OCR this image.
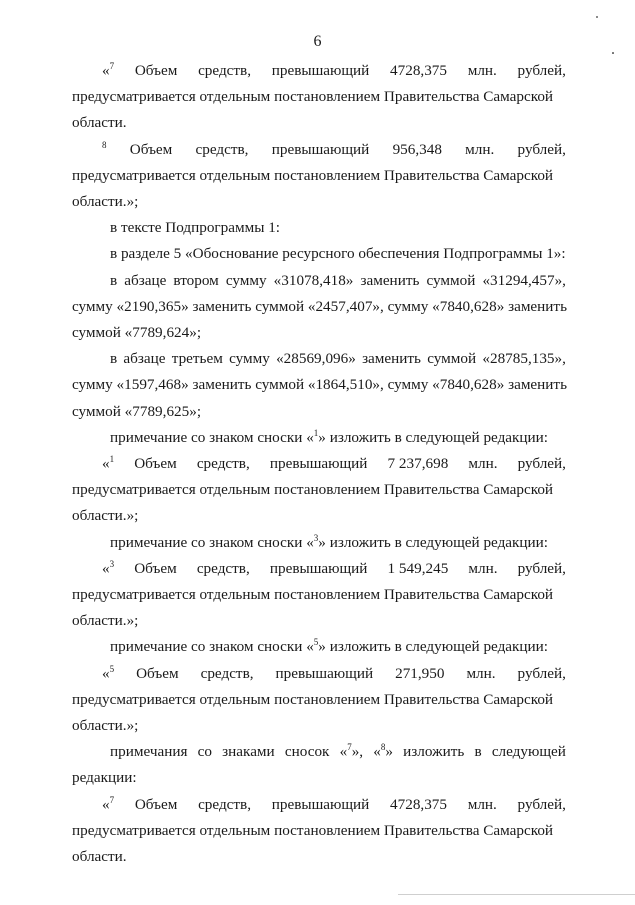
6
«$^7$ Объем средств, превышающий 4728,375 млн. рублей,
предусматривается отдельным постановлением Правительства Самарской
области.
$^8$ Объем средств, превышающий 956,348 млн. рублей,
предусматривается отдельным постановлением Правительства Самарской
области.»;
в тексте Подпрограммы 1:
в разделе 5 «Обоснование ресурсного обеспечения Подпрограммы 1»:
в абзаце втором сумму «31078,418» заменить суммой «31294,457»,
сумму «2190,365» заменить суммой «2457,407», сумму «7840,628» заменить
суммой «7789,624»;
в абзаце третьем сумму «28569,096» заменить суммой «28785,135»,
сумму «1597,468» заменить суммой «1864,510», сумму «7840,628» заменить
суммой «7789,625»;
примечание со знаком сноски «$^1$» изложить в следующей редакции:
«$^1$ Объем средств, превышающий 7 237,698 млн. рублей,
предусматривается отдельным постановлением Правительства Самарской
области.»;
примечание со знаком сноски «$^3$» изложить в следующей редакции:
«$^3$ Объем средств, превышающий 1 549,245 млн. рублей,
предусматривается отдельным постановлением Правительства Самарской
области.»;
примечание со знаком сноски «$^5$» изложить в следующей редакции:
«$^5$ Объем средств, превышающий 271,950 млн. рублей,
предусматривается отдельным постановлением Правительства Самарской
области.»;
примечания со знаками сносок «$^7$», «$^8$» изложить в следующей
редакции:
«$^7$ Объем средств, превышающий 4728,375 млн. рублей,
предусматривается отдельным постановлением Правительства Самарской
области.
